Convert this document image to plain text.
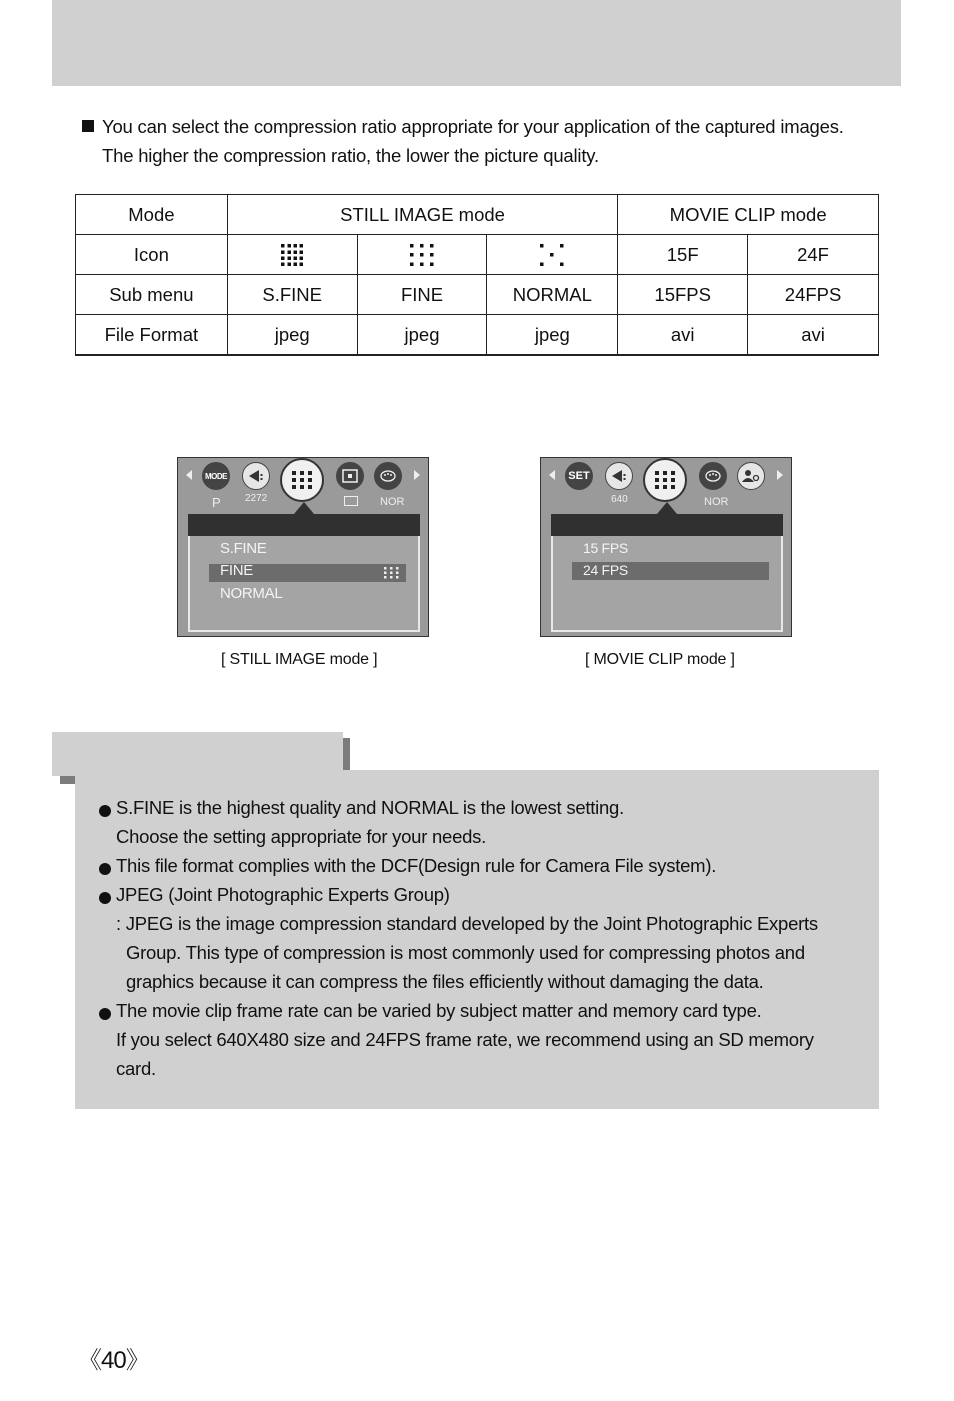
You can select the compression ratio appropriate for your application of the captured images.
The higher the compression ratio, the lower the picture quality.
Mode	STILL IMAGE mode			MOVIE CLIP mode	
Icon				15F	24F
Sub menu	S.FINE	FINE	NORMAL	15FPS	24FPS
File Format	jpeg	jpeg	jpeg	avi	avi
MODE
P 2272	NOR
S.FINE
FINE
NORMAL
[ STILL IMAGE mode ]
SET
640	NOR
15 FPS
24 FPS
[ MOVIE CLIP mode ]
S.FINE is the highest quality and NORMAL is the lowest setting.
Choose the setting appropriate for your needs.
This file format complies with the DCF(Design rule for Camera File system).
JPEG (Joint Photographic Experts Group)
: JPEG is the image compression standard developed by the Joint Photographic Experts
Group. This type of compression is most commonly used for compressing photos and
graphics because it can compress the files efficiently without damaging the data.
The movie clip frame rate can be varied by subject matter and memory card type.
If you select 640X480 size and 24FPS frame rate, we recommend using an SD memory
card.
《40》
